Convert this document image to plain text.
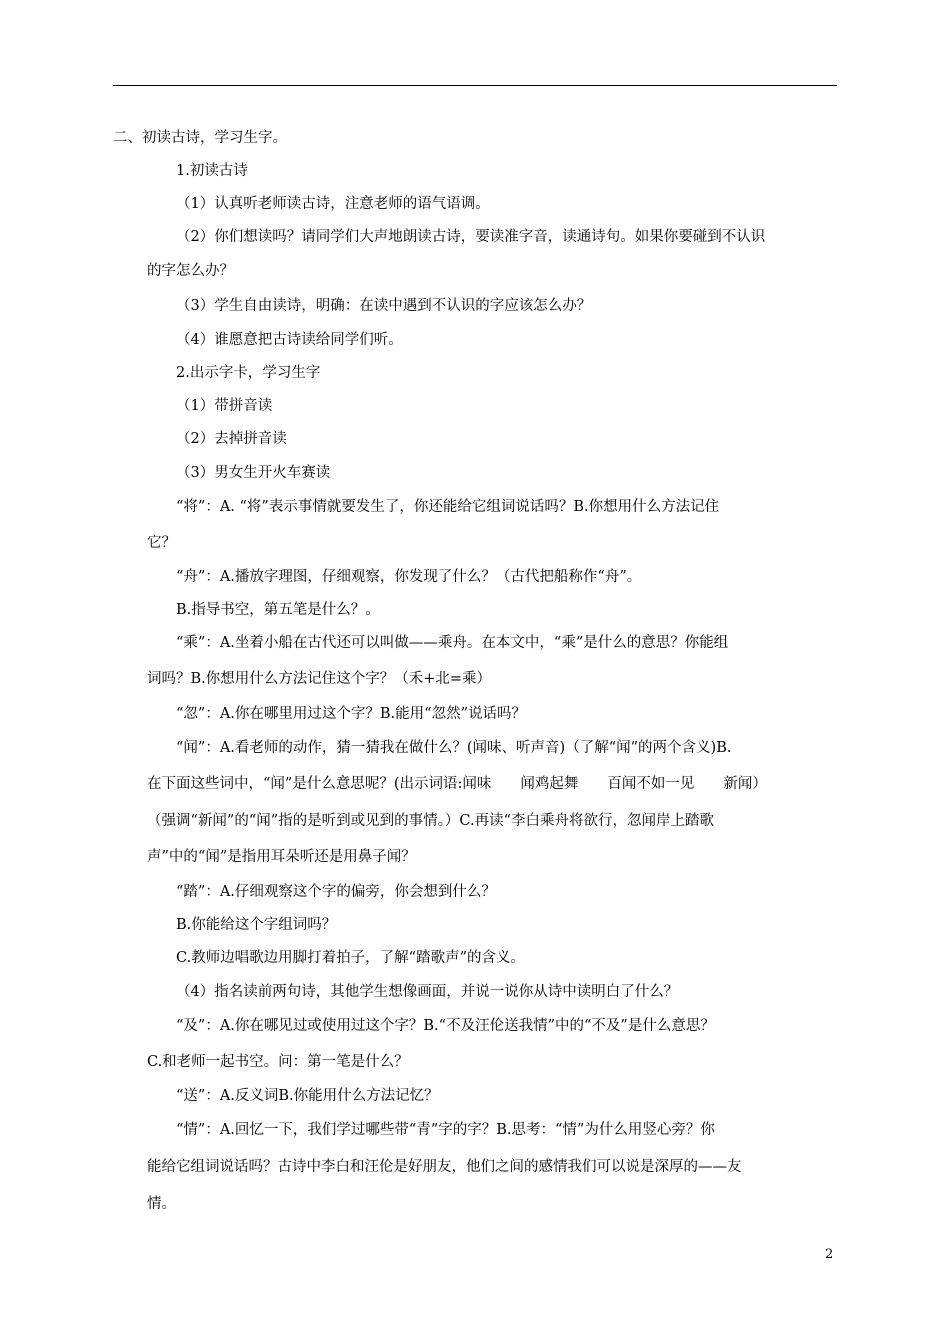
二、初读古诗，学习生字。
1.初读古诗
（1）认真听老师读古诗，注意老师的语气语调。
（2）你们想读吗？请同学们大声地朗读古诗，要读准字音，读通诗句。如果你要碰到不认识
的字怎么办？
（3）学生自由读诗，明确：在读中遇到不认识的字应该怎么办？
（4）谁愿意把古诗读给同学们听。
2.出示字卡，学习生字
（1）带拼音读
（2）去掉拼音读
（3）男女生开火车赛读
“将”：A. “将”表示事情就要发生了，你还能给它组词说话吗？B.你想用什么方法记住
它？
“舟”：A.播放字理图，仔细观察，你发现了什么？（古代把船称作“舟”。
B.指导书空，第五笔是什么？。
“乘”：A.坐着小船在古代还可以叫做——乘舟。在本文中，“乘”是什么的意思？你能组
词吗？B.你想用什么方法记住这个字？（禾+北=乘）
“忽”：A.你在哪里用过这个字？B.能用“忽然”说话吗？
“闻”：A.看老师的动作，猜一猜我在做什么？(闻味、听声音)（了解“闻”的两个含义)B.
在下面这些词中，“闻”是什么意思呢？(出示词语:闻味　　闻鸡起舞　　百闻不如一见　　新闻）
（强调“新闻”的“闻”指的是听到或见到的事情。）C.再读“李白乘舟将欲行，忽闻岸上踏歌
声”中的“闻”是指用耳朵听还是用鼻子闻？
“踏”：A.仔细观察这个字的偏旁，你会想到什么？
B.你能给这个字组词吗？
C.教师边唱歌边用脚打着拍子，了解“踏歌声”的含义。
（4）指名读前两句诗，其他学生想像画面，并说一说你从诗中读明白了什么？
“及”：A.你在哪见过或使用过这个字？B.“不及汪伦送我情”中的“不及”是什么意思？
C.和老师一起书空。问：第一笔是什么？
“送”：A.反义词B.你能用什么方法记忆？
“情”：A.回忆一下，我们学过哪些带“青”字的字？B.思考：“情”为什么用竖心旁？你
能给它组词说话吗？古诗中李白和汪伦是好朋友，他们之间的感情我们可以说是深厚的——友
情。
2
